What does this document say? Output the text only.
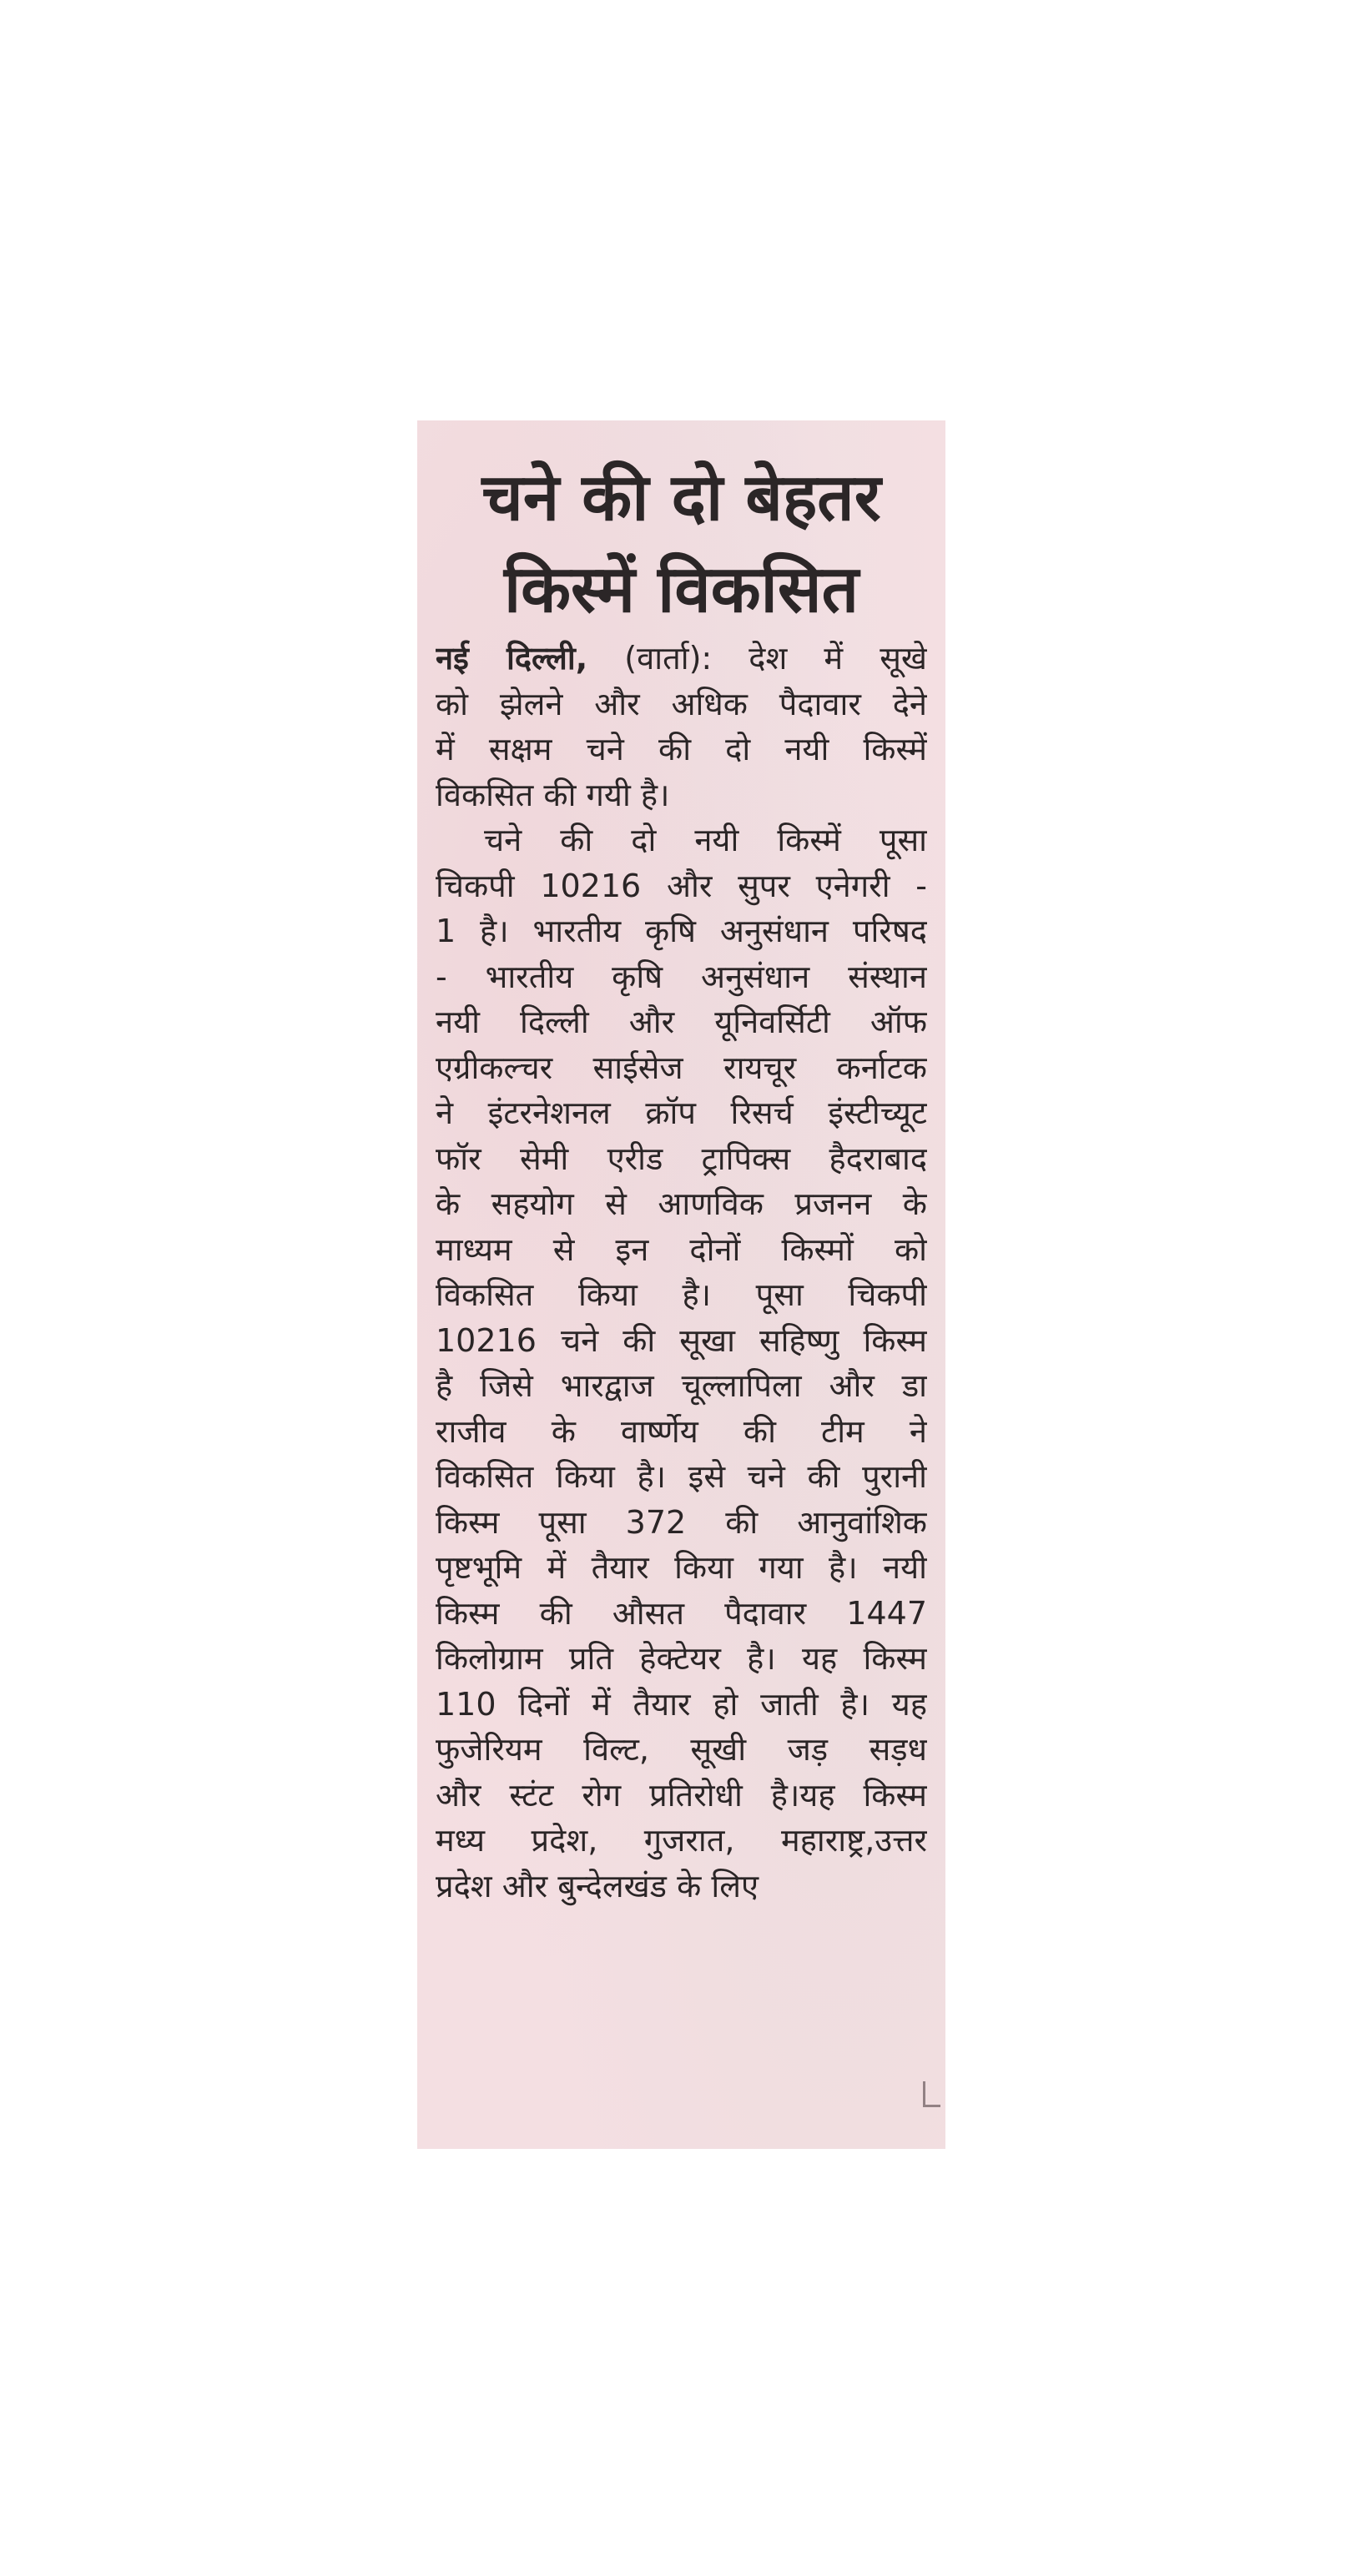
चने की दो बेहतर
किस्में विकसित
नई दिल्ली, (वार्ता): देश में सूखे
को झेलने और अधिक पैदावार देने
में सक्षम चने की दो नयी किस्में
विकसित की गयी है।
चने की दो नयी किस्में पूसा
चिकपी 10216 और सुपर एनेगरी -
1 है। भारतीय कृषि अनुसंधान परिषद
- भारतीय कृषि अनुसंधान संस्थान
नयी दिल्ली और यूनिवर्सिटी ऑफ
एग्रीकल्चर साईसेज रायचूर कर्नाटक
ने इंटरनेशनल क्रॉप रिसर्च इंस्टीच्यूट
फॉर सेमी एरीड ट्रापिक्स हैदराबाद
के सहयोग से आणविक प्रजनन के
माध्यम से इन दोनों किस्मों को
विकसित किया है। पूसा चिकपी
10216 चने की सूखा सहिष्णु किस्म
है जिसे भारद्वाज चूल्लापिला और डा
राजीव के वार्ष्णेय की टीम ने
विकसित किया है। इसे चने की पुरानी
किस्म पूसा 372 की आनुवांशिक
पृष्टभूमि में तैयार किया गया है। नयी
किस्म की औसत पैदावार 1447
किलोग्राम प्रति हेक्टेयर है। यह किस्म
110 दिनों में तैयार हो जाती है। यह
फुजेरियम विल्ट, सूखी जड़ सड़ध
और स्टंट रोग प्रतिरोधी है।यह किस्म
मध्य प्रदेश, गुजरात, महाराष्ट्र,उत्तर
प्रदेश और बुन्देलखंड के लिए
